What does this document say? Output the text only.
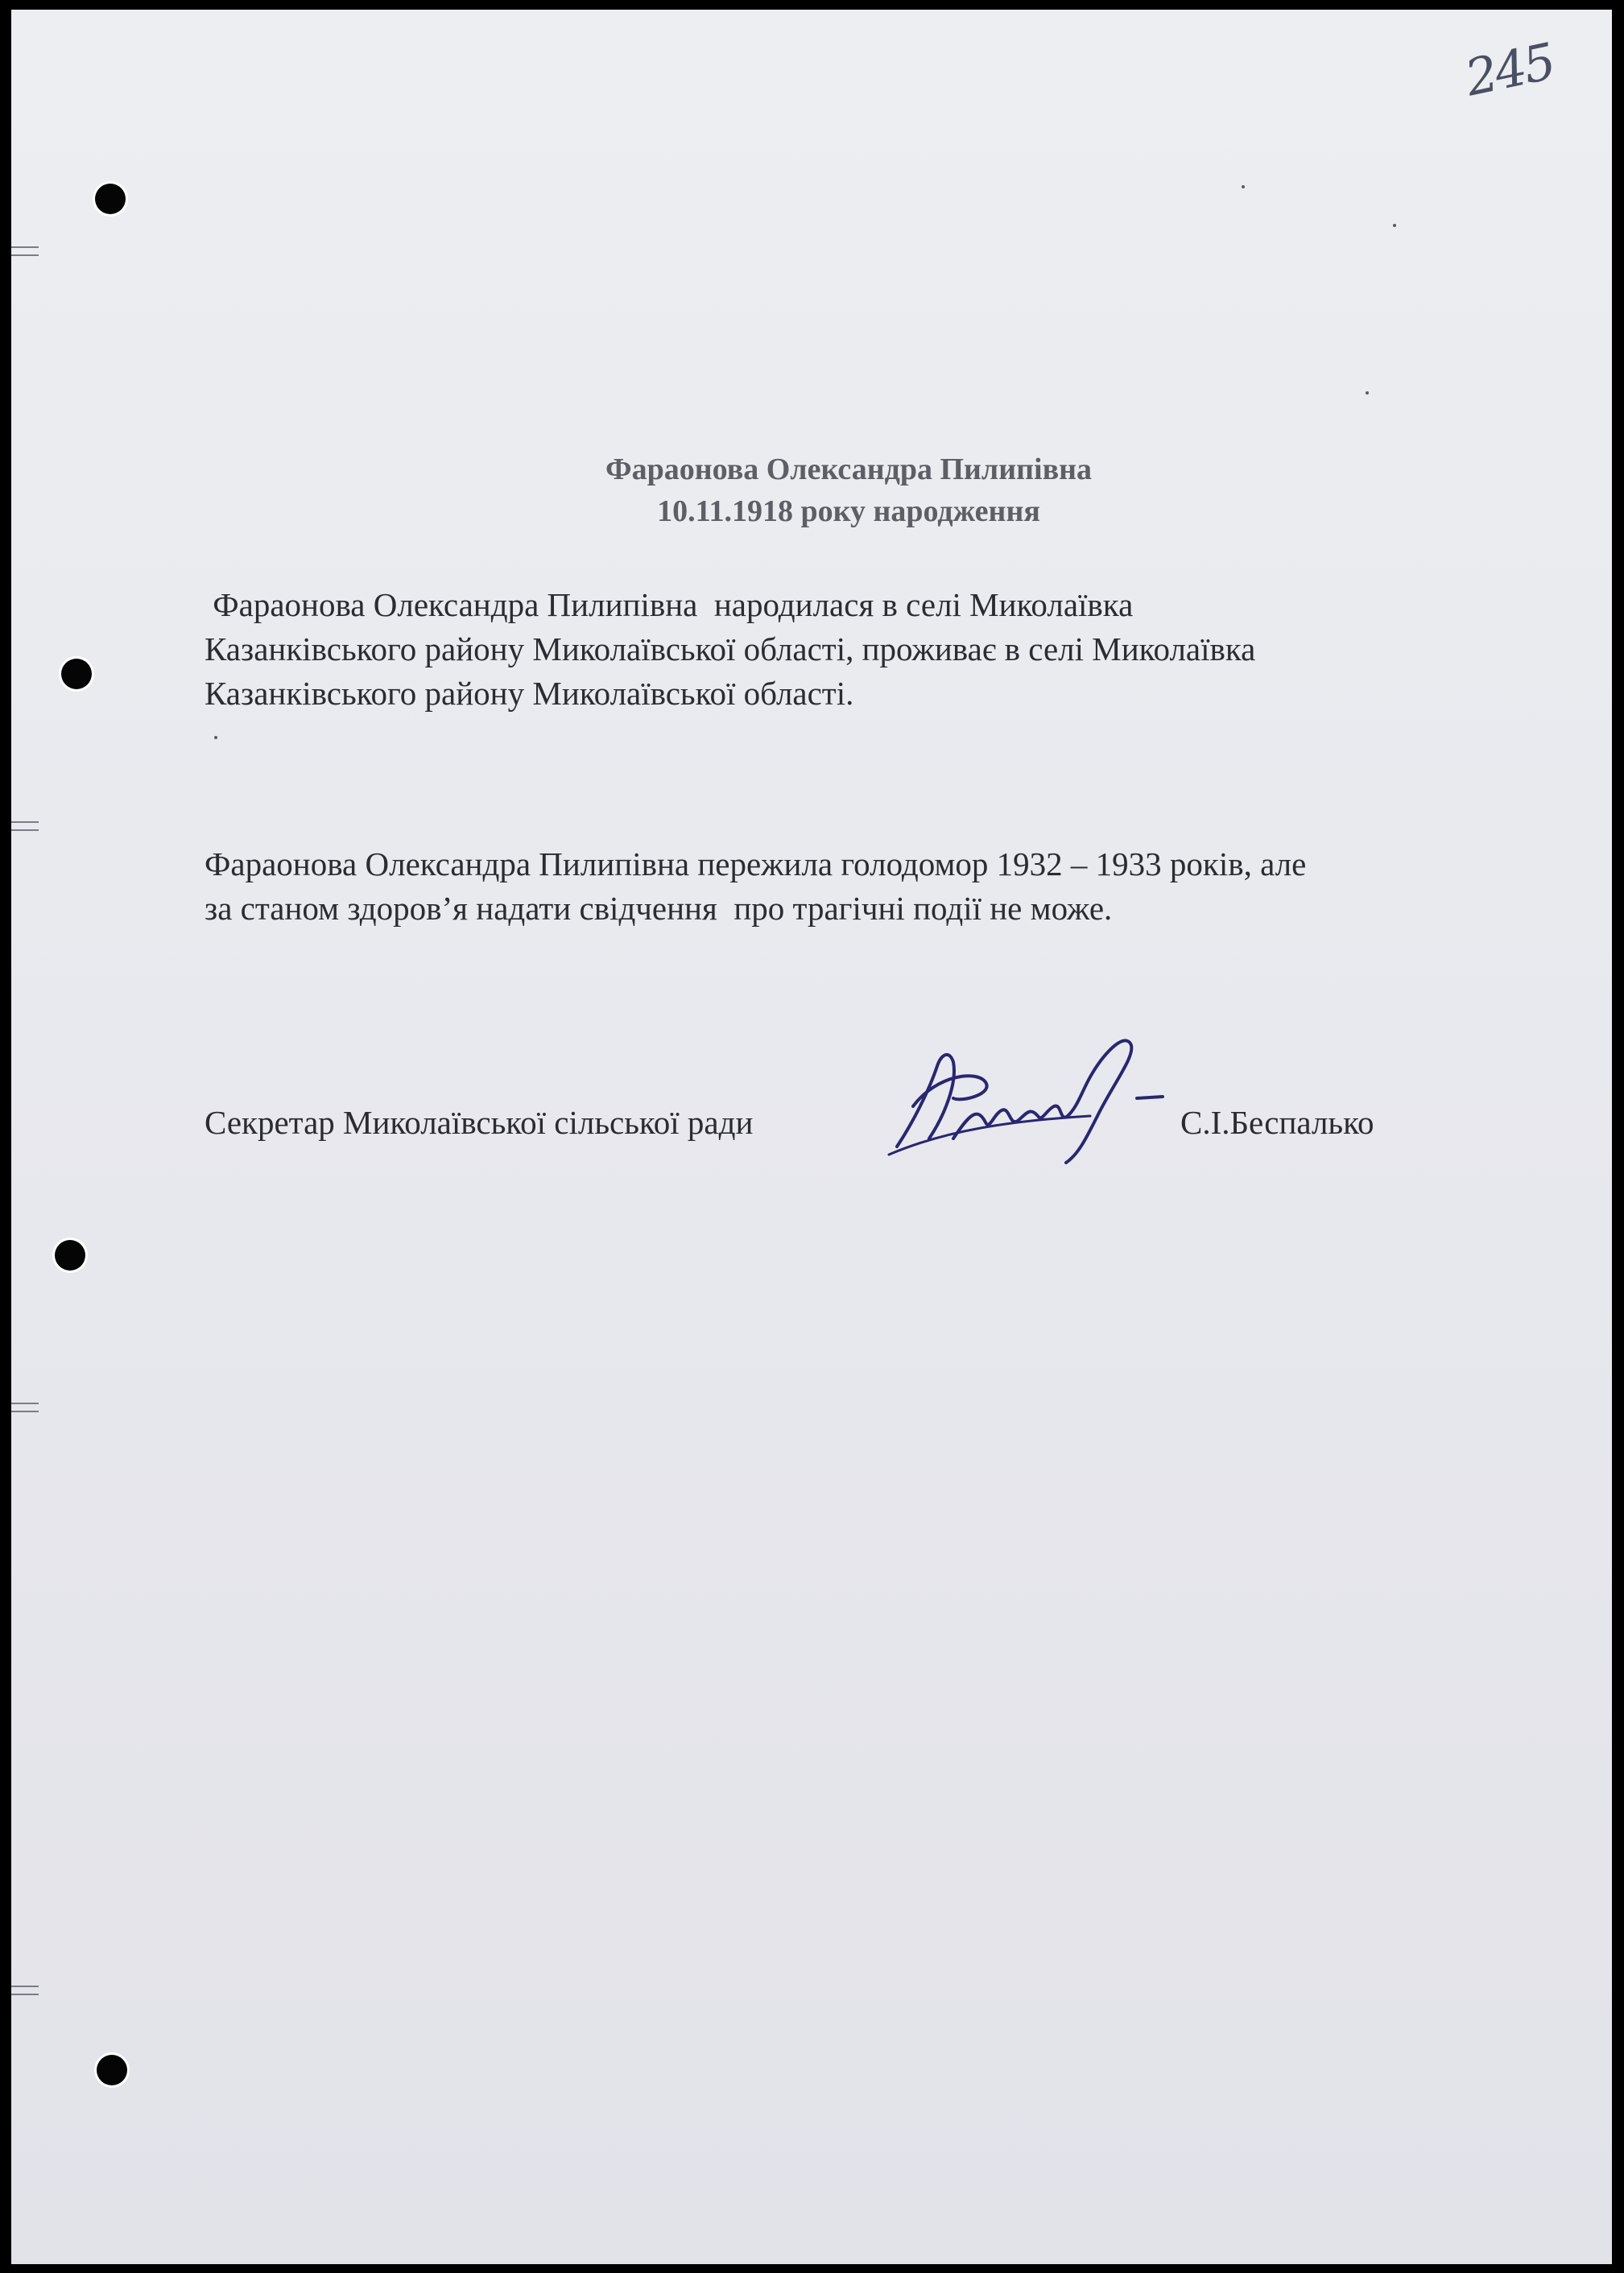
245
Фараонова Олександра Пилипівна
10.11.1918 року народження
Фараонова Олександра Пилипівна  народилася в селі Миколаївка
Казанківського району Миколаївської області, проживає в селі Миколаївка
Казанківського району Миколаївської області.
Фараонова Олександра Пилипівна пережила голодомор 1932 – 1933 років, але
за станом здоров’я надати свідчення  про трагічні події не може.
Секретар Миколаївської сільської ради	С.І.Беспалько
